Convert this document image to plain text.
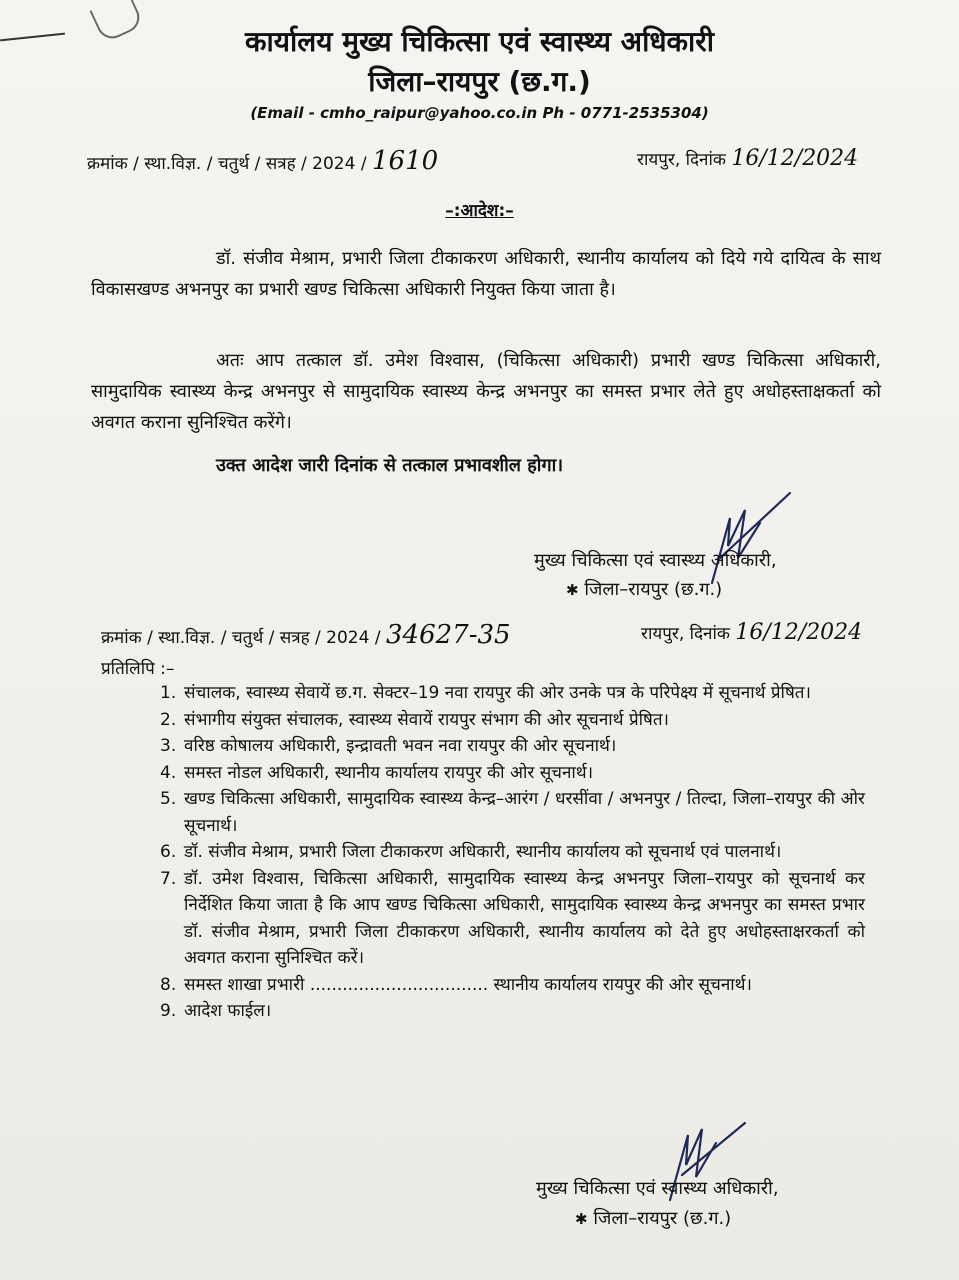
कार्यालय मुख्य चिकित्सा एवं स्वास्थ्य अधिकारी
जिला–रायपुर (छ.ग.)
(Email - cmho_raipur@yahoo.co.in Ph - 0771-2535304)
क्रमांक / स्था.विज्ञ. / चतुर्थ / सत्रह / 2024 / 1610	रायपुर, दिनांक 16/12/2024
–:आदेश:–
डॉ. संजीव मेश्राम, प्रभारी जिला टीकाकरण अधिकारी, स्थानीय कार्यालय को दिये गये दायित्व के साथ विकासखण्ड अभनपुर का प्रभारी खण्ड चिकित्सा अधिकारी नियुक्त किया जाता है।
अतः आप तत्काल डॉ. उमेश विश्वास, (चिकित्सा अधिकारी) प्रभारी खण्ड चिकित्सा अधिकारी, सामुदायिक स्वास्थ्य केन्द्र अभनपुर से सामुदायिक स्वास्थ्य केन्द्र अभनपुर का समस्त प्रभार लेते हुए अधोहस्ताक्षकर्ता को अवगत कराना सुनिश्चित करेंगे।
उक्त आदेश जारी दिनांक से तत्काल प्रभावशील होगा।
मुख्य चिकित्सा एवं स्वास्थ्य अधिकारी,
✱ जिला–रायपुर (छ.ग.)
क्रमांक / स्था.विज्ञ. / चतुर्थ / सत्रह / 2024 / 34627-35	रायपुर, दिनांक 16/12/2024
प्रतिलिपि :–
1. संचालक, स्वास्थ्य सेवायें छ.ग. सेक्टर–19 नवा रायपुर की ओर उनके पत्र के परिपेक्ष्य में सूचनार्थ प्रेषित।
2. संभागीय संयुक्त संचालक, स्वास्थ्य सेवायें रायपुर संभाग की ओर सूचनार्थ प्रेषित।
3. वरिष्ठ कोषालय अधिकारी, इन्द्रावती भवन नवा रायपुर की ओर सूचनार्थ।
4. समस्त नोडल अधिकारी, स्थानीय कार्यालय रायपुर की ओर सूचनार्थ।
5. खण्ड चिकित्सा अधिकारी, सामुदायिक स्वास्थ्य केन्द्र–आरंग / धरसींवा / अभनपुर / तिल्दा, जिला–रायपुर की ओर सूचनार्थ।
6. डॉ. संजीव मेश्राम, प्रभारी जिला टीकाकरण अधिकारी, स्थानीय कार्यालय को सूचनार्थ एवं पालनार्थ।
7. डॉ. उमेश विश्वास, चिकित्सा अधिकारी, सामुदायिक स्वास्थ्य केन्द्र अभनपुर जिला–रायपुर को सूचनार्थ कर निर्देशित किया जाता है कि आप खण्ड चिकित्सा अधिकारी, सामुदायिक स्वास्थ्य केन्द्र अभनपुर का समस्त प्रभार डॉ. संजीव मेश्राम, प्रभारी जिला टीकाकरण अधिकारी, स्थानीय कार्यालय को देते हुए अधोहस्ताक्षरकर्ता को अवगत कराना सुनिश्चित करें।
8. समस्त शाखा प्रभारी ................................. स्थानीय कार्यालय रायपुर की ओर सूचनार्थ।
9. आदेश फाईल।
मुख्य चिकित्सा एवं स्वास्थ्य अधिकारी,
✱ जिला–रायपुर (छ.ग.)
